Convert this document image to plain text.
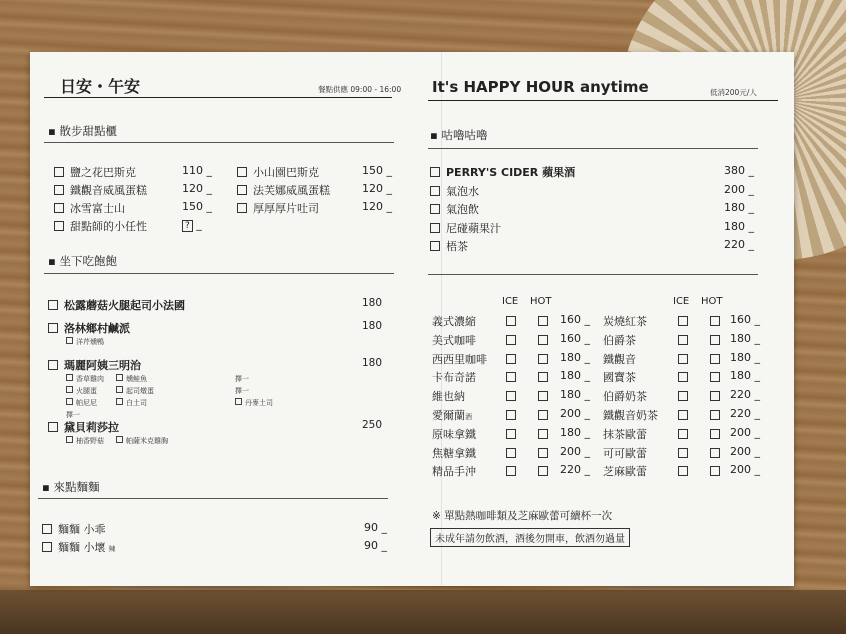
日安・午安	餐點供應 09:00 - 16:00
▪ 散步甜點櫃
鹽之花巴斯克	110 _
鐵觀音威風蛋糕	120 _
冰雪富士山	150 _
甜點師的小任性	? _
小山園巴斯克	150 _
法芙娜威風蛋糕	120 _
厚厚厚片吐司	120 _
▪ 坐下吃飽飽
松露蘑菇火腿起司小法國	180
洛林鄉村鹹派	180
洋芹燻鴨
瑪麗阿姨三明治	180
香草雞肉	燻鮭魚	擇一
火腿蛋	起司燉蛋	擇一
帕尼尼	白土司	丹麥土司
擇一
黛貝莉莎拉	250
柚香野菇	帕薩米克雞胸
▪ 來點麵麵
麵麵 小乖	90 _
麵麵 小壞 辣	90 _
It's HAPPY HOUR anytime	低消200元/人
▪ 咕嚕咕嚕
PERRY'S CIDER 蘋果酒	380 _
氣泡水	200 _
氣泡飲	180 _
尼碰蘋果汁	180 _
梧茶	220 _
ICE HOT	ICE HOT
義式濃縮	160 _
美式咖啡	160 _
西西里咖啡	180 _
卡布奇諾	180 _
維也納	180 _
愛爾蘭酒	200 _
原味拿鐵	180 _
焦糖拿鐵	200 _
精品手沖	220 _
炭燒紅茶	160 _
伯爵茶	180 _
鐵觀音	180 _
國寶茶	180 _
伯爵奶茶	220 _
鐵觀音奶茶	220 _
抹茶歐蕾	200 _
可可歐蕾	200 _
芝麻歐蕾	200 _
※ 單點熱咖啡類及芝麻歐蕾可續杯一次
未成年請勿飲酒，酒後勿開車，飲酒勿過量
